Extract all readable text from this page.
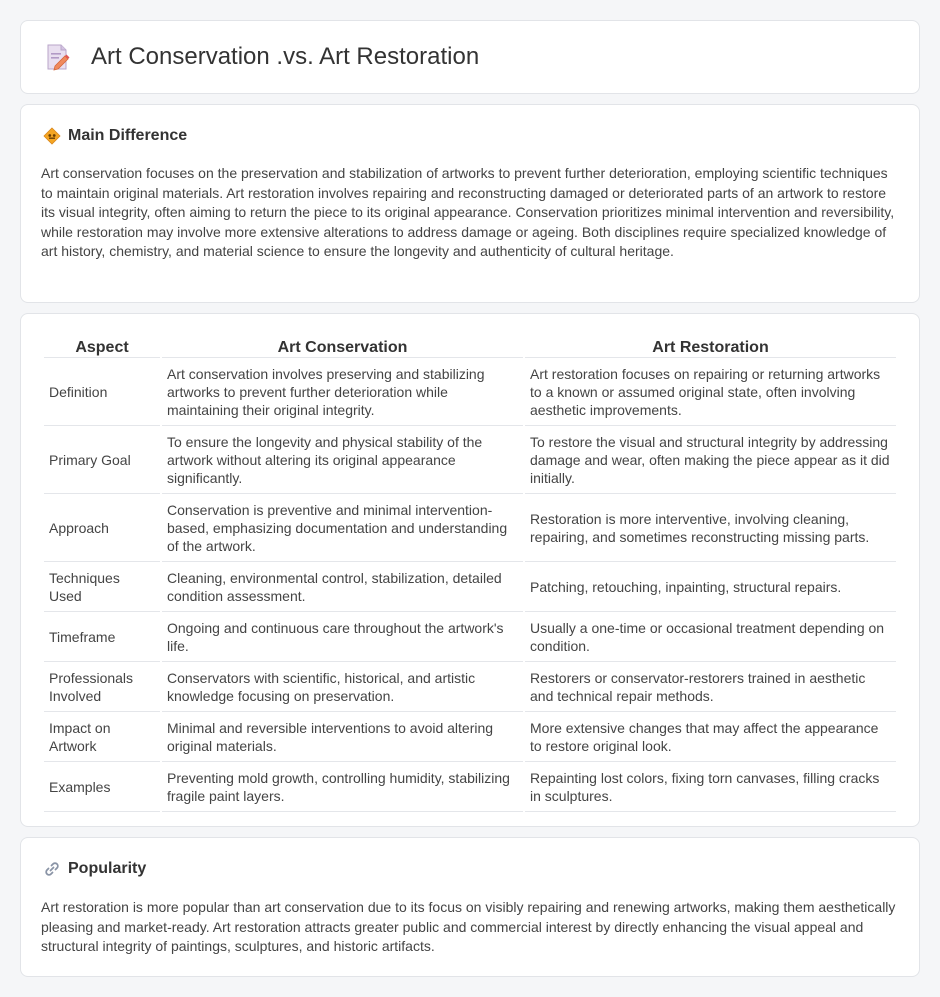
Art Conservation .vs. Art Restoration
Main Difference

Art conservation focuses on the preservation and stabilization of artworks to prevent further deterioration, employing scientific techniques to maintain original materials. Art restoration involves repairing and reconstructing damaged or deteriorated parts of an artwork to restore its visual integrity, often aiming to return the piece to its original appearance. Conservation prioritizes minimal intervention and reversibility, while restoration may involve more extensive alterations to address damage or ageing. Both disciplines require specialized knowledge of art history, chemistry, and material science to ensure the longevity and authenticity of cultural heritage.

Aspect	Art Conservation	Art Restoration
Definition	Art conservation involves preserving and stabilizing artworks to prevent further deterioration while maintaining their original integrity.	Art restoration focuses on repairing or returning artworks to a known or assumed original state, often involving aesthetic improvements.
Primary Goal	To ensure the longevity and physical stability of the artwork without altering its original appearance significantly.	To restore the visual and structural integrity by addressing damage and wear, often making the piece appear as it did initially.
Approach	Conservation is preventive and minimal intervention-based, emphasizing documentation and understanding of the artwork.	Restoration is more interventive, involving cleaning, repairing, and sometimes reconstructing missing parts.
Techniques Used	Cleaning, environmental control, stabilization, detailed condition assessment.	Patching, retouching, inpainting, structural repairs.
Timeframe	Ongoing and continuous care throughout the artwork's life.	Usually a one-time or occasional treatment depending on condition.
Professionals Involved	Conservators with scientific, historical, and artistic knowledge focusing on preservation.	Restorers or conservator-restorers trained in aesthetic and technical repair methods.
Impact on Artwork	Minimal and reversible interventions to avoid altering original materials.	More extensive changes that may affect the appearance to restore original look.
Examples	Preventing mold growth, controlling humidity, stabilizing fragile paint layers.	Repainting lost colors, fixing torn canvases, filling cracks in sculptures.
Popularity

Art restoration is more popular than art conservation due to its focus on visibly repairing and renewing artworks, making them aesthetically pleasing and market-ready. Art restoration attracts greater public and commercial interest by directly enhancing the visual appeal and structural integrity of paintings, sculptures, and historic artifacts.
